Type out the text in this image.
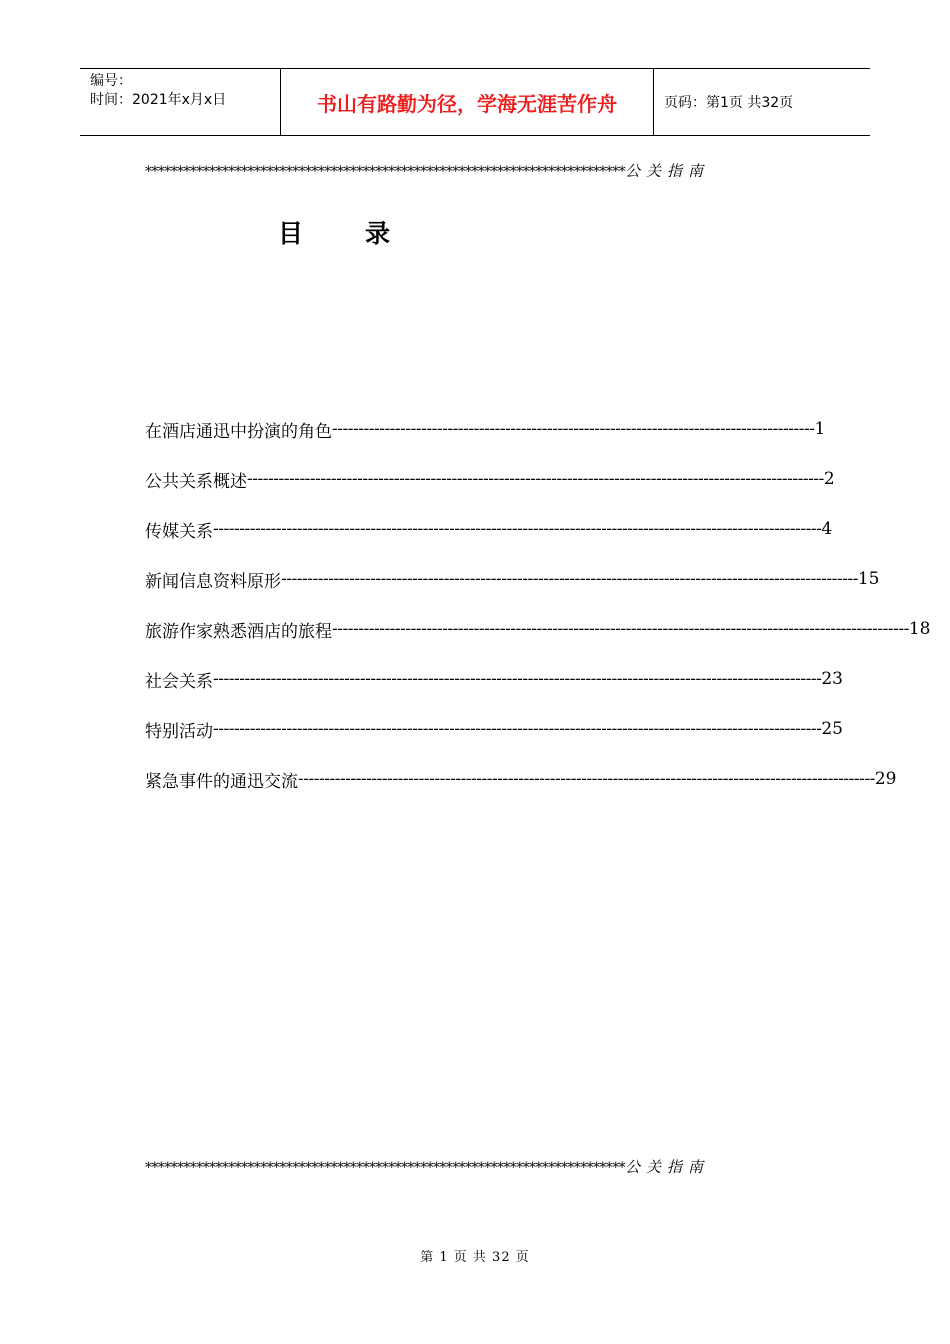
编号：
时间：2021年x月x日	书山有路勤为径，学海无涯苦作舟	页码：第1页 共32页
***************************************************************************公关指南
目 录
在酒店通迅中扮演的角色 -------------------------------------------------------------------------------------------- 1
公共关系概述 -------------------------------------------------------------------------------------------------------------- 2
传媒关系 -------------------------------------------------------------------------------------------------------------------- 4
新闻信息资料原形 -------------------------------------------------------------------------------------------------------------- 15
旅游作家熟悉酒店的旅程 -------------------------------------------------------------------------------------------------------------- 18
社会关系 -------------------------------------------------------------------------------------------------------------------- 23
特别活动 -------------------------------------------------------------------------------------------------------------------- 25
紧急事件的通迅交流 -------------------------------------------------------------------------------------------------------------- 29
***************************************************************************公关指南
第 1 页 共 32 页
